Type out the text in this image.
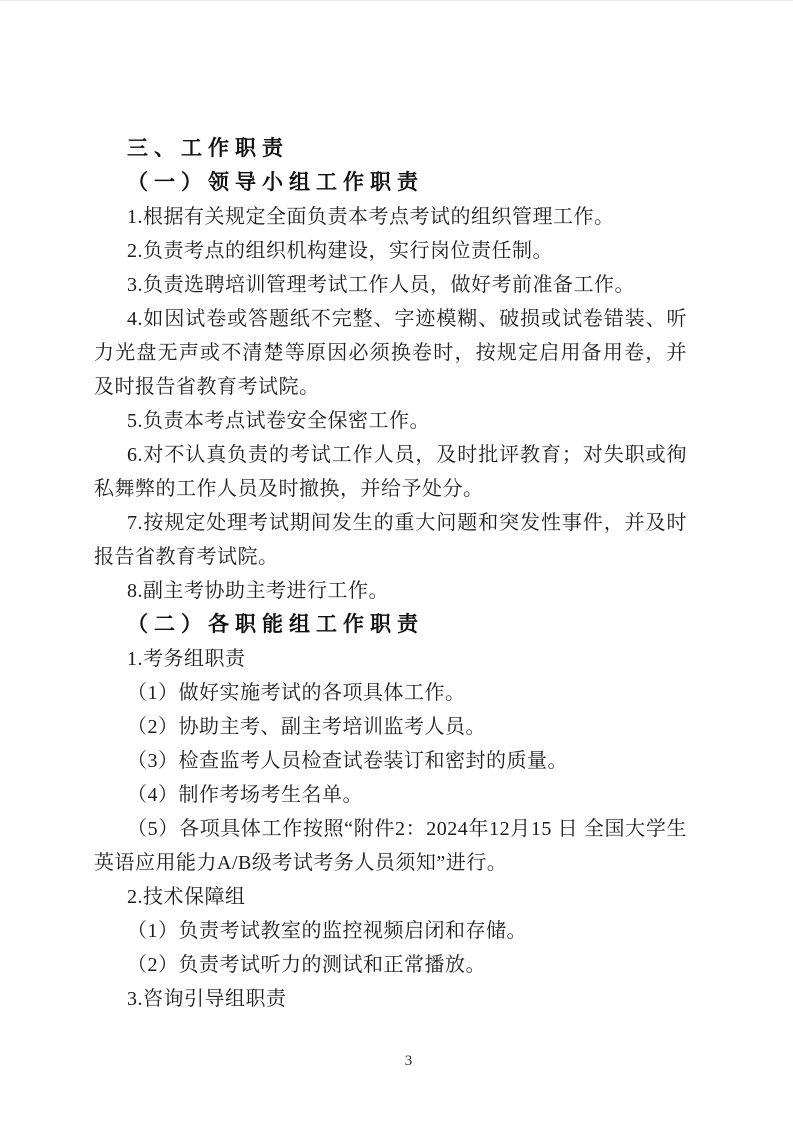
三、工作职责
（一）领导小组工作职责
1.根据有关规定全面负责本考点考试的组织管理工作。
2.负责考点的组织机构建设，实行岗位责任制。
3.负责选聘培训管理考试工作人员，做好考前准备工作。
4.如因试卷或答题纸不完整、字迹模糊、破损或试卷错装、听力光盘无声或不清楚等原因必须换卷时，按规定启用备用卷，并及时报告省教育考试院。
5.负责本考点试卷安全保密工作。
6.对不认真负责的考试工作人员，及时批评教育；对失职或徇私舞弊的工作人员及时撤换，并给予处分。
7.按规定处理考试期间发生的重大问题和突发性事件，并及时报告省教育考试院。
8.副主考协助主考进行工作。
（二）各职能组工作职责
1.考务组职责
（1）做好实施考试的各项具体工作。
（2）协助主考、副主考培训监考人员。
（3）检查监考人员检查试卷装订和密封的质量。
（4）制作考场考生名单。
（5）各项具体工作按照“附件2：2024年12月15 日 全国大学生英语应用能力A/B级考试考务人员须知”进行。
2.技术保障组
（1）负责考试教室的监控视频启闭和存储。
（2）负责考试听力的测试和正常播放。
3.咨询引导组职责
3
